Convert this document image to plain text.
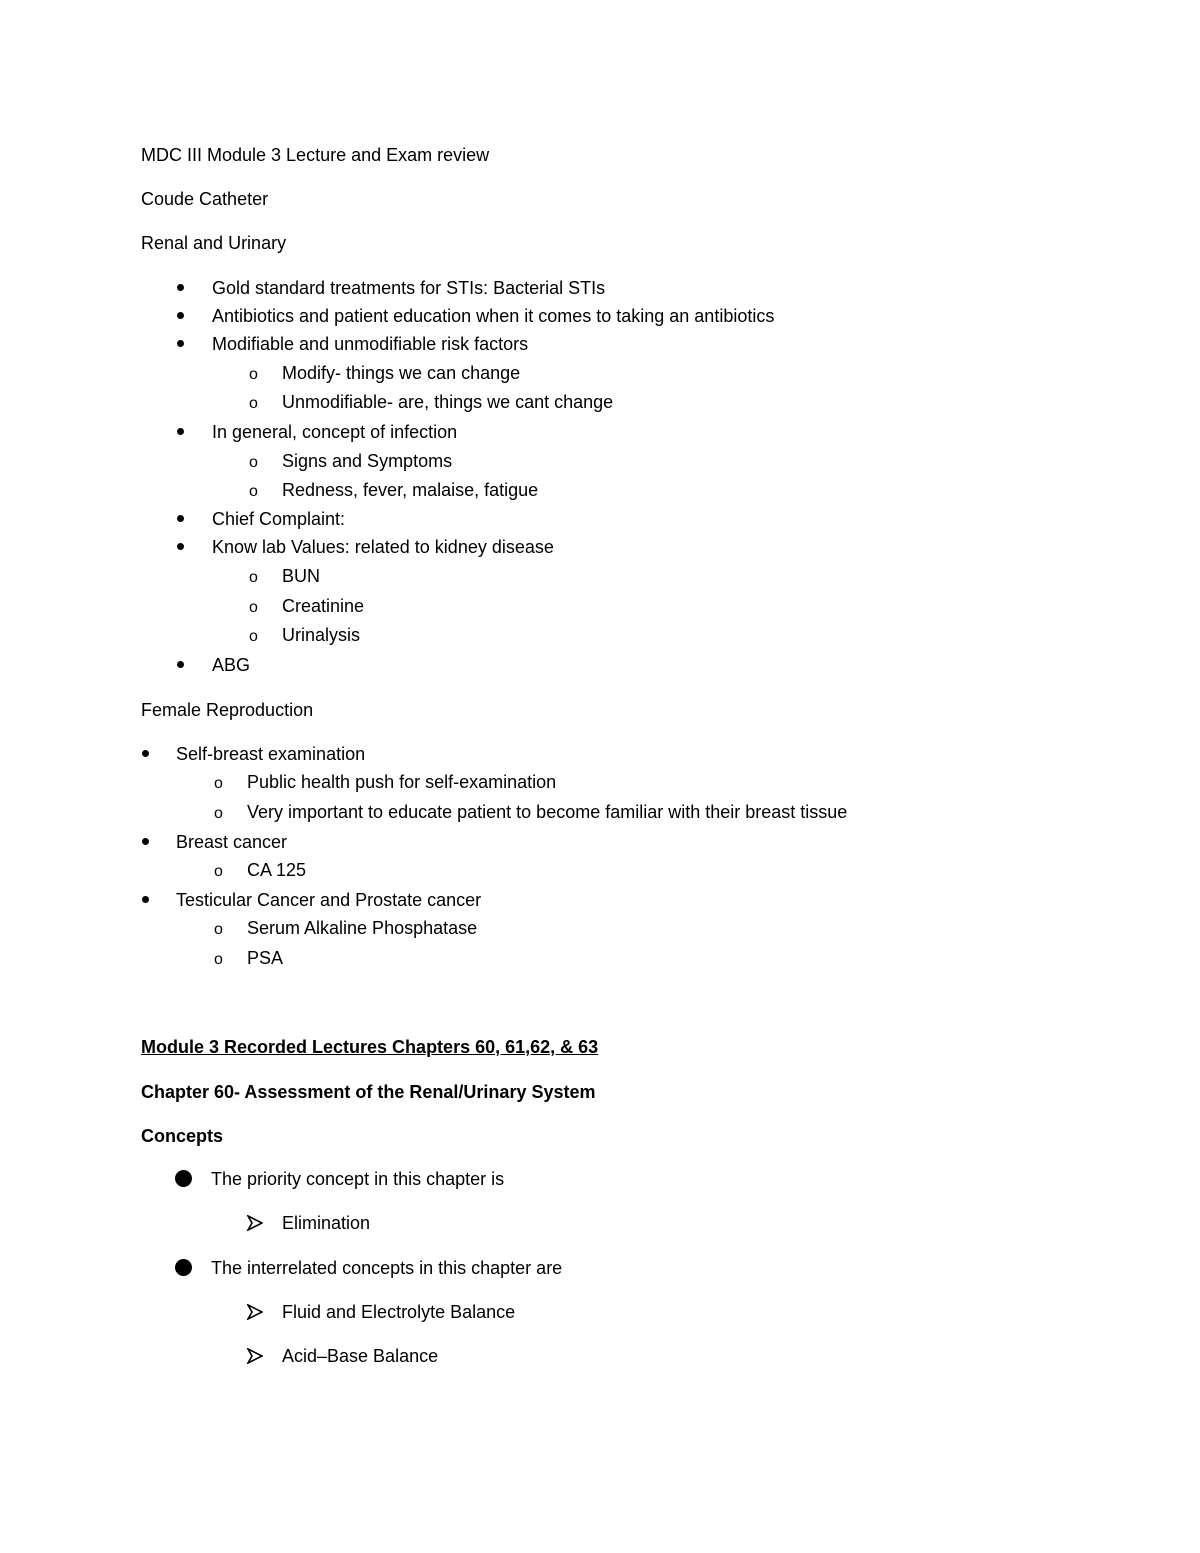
MDC III Module 3 Lecture and Exam review
Coude Catheter
Renal and Urinary
Gold standard treatments for STIs: Bacterial STIs
Antibiotics and patient education when it comes to taking an antibiotics
Modifiable and unmodifiable risk factors
o Modify- things we can change
o Unmodifiable- are, things we cant change
In general, concept of infection
o Signs and Symptoms
o Redness, fever, malaise, fatigue
Chief Complaint:
Know lab Values: related to kidney disease
o BUN
o Creatinine
o Urinalysis
ABG
Female Reproduction
Self-breast examination
o Public health push for self-examination
o Very important to educate patient to become familiar with their breast tissue
Breast cancer
o CA 125
Testicular Cancer and Prostate cancer
o Serum Alkaline Phosphatase
o PSA
Module 3 Recorded Lectures Chapters 60, 61,62, & 63
Chapter 60- Assessment of the Renal/Urinary System
Concepts
The priority concept in this chapter is
Elimination
The interrelated concepts in this chapter are
Fluid and Electrolyte Balance
Acid–Base Balance
